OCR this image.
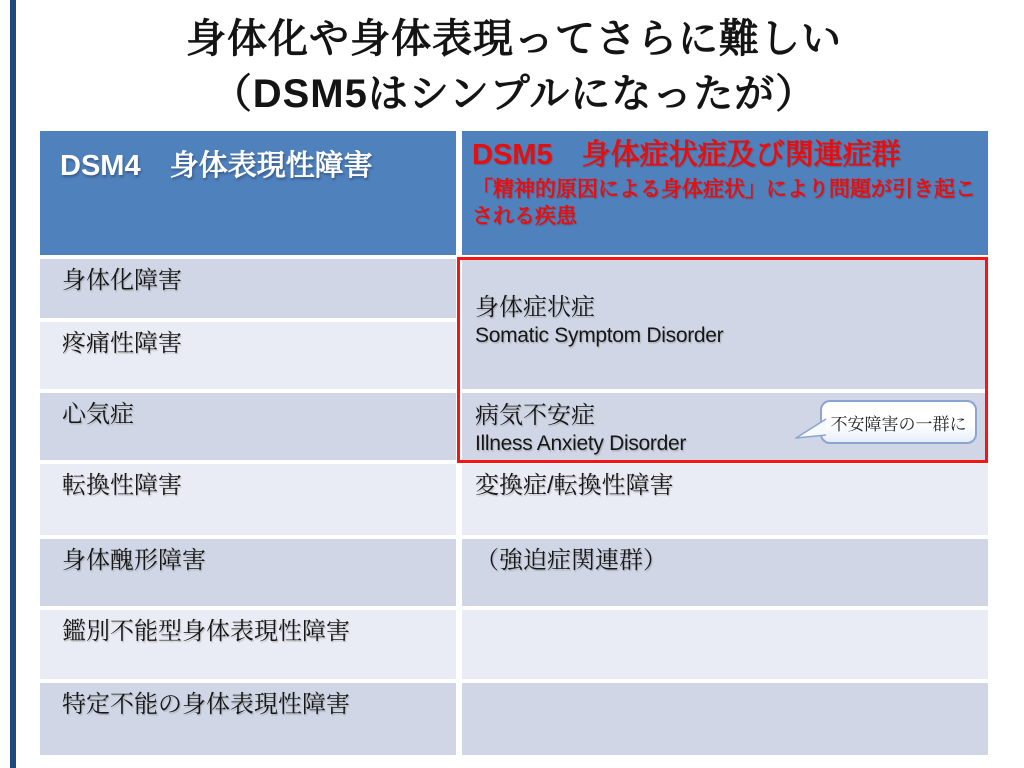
身体化や身体表現ってさらに難しい
（DSM5はシンプルになったが）
DSM4　身体表現性障害	DSM5　身体症状症及び関連症群
「精神的原因による身体症状」により問題が引き起こされる疾患
身体化障害
疼痛性障害
心気症
転換性障害
身体醜形障害
鑑別不能型身体表現性障害
特定不能の身体表現性障害
身体症状症
Somatic Symptom Disorder
病気不安症
Illness Anxiety Disorder
変換症/転換性障害
（強迫症関連群）
不安障害の一群に
